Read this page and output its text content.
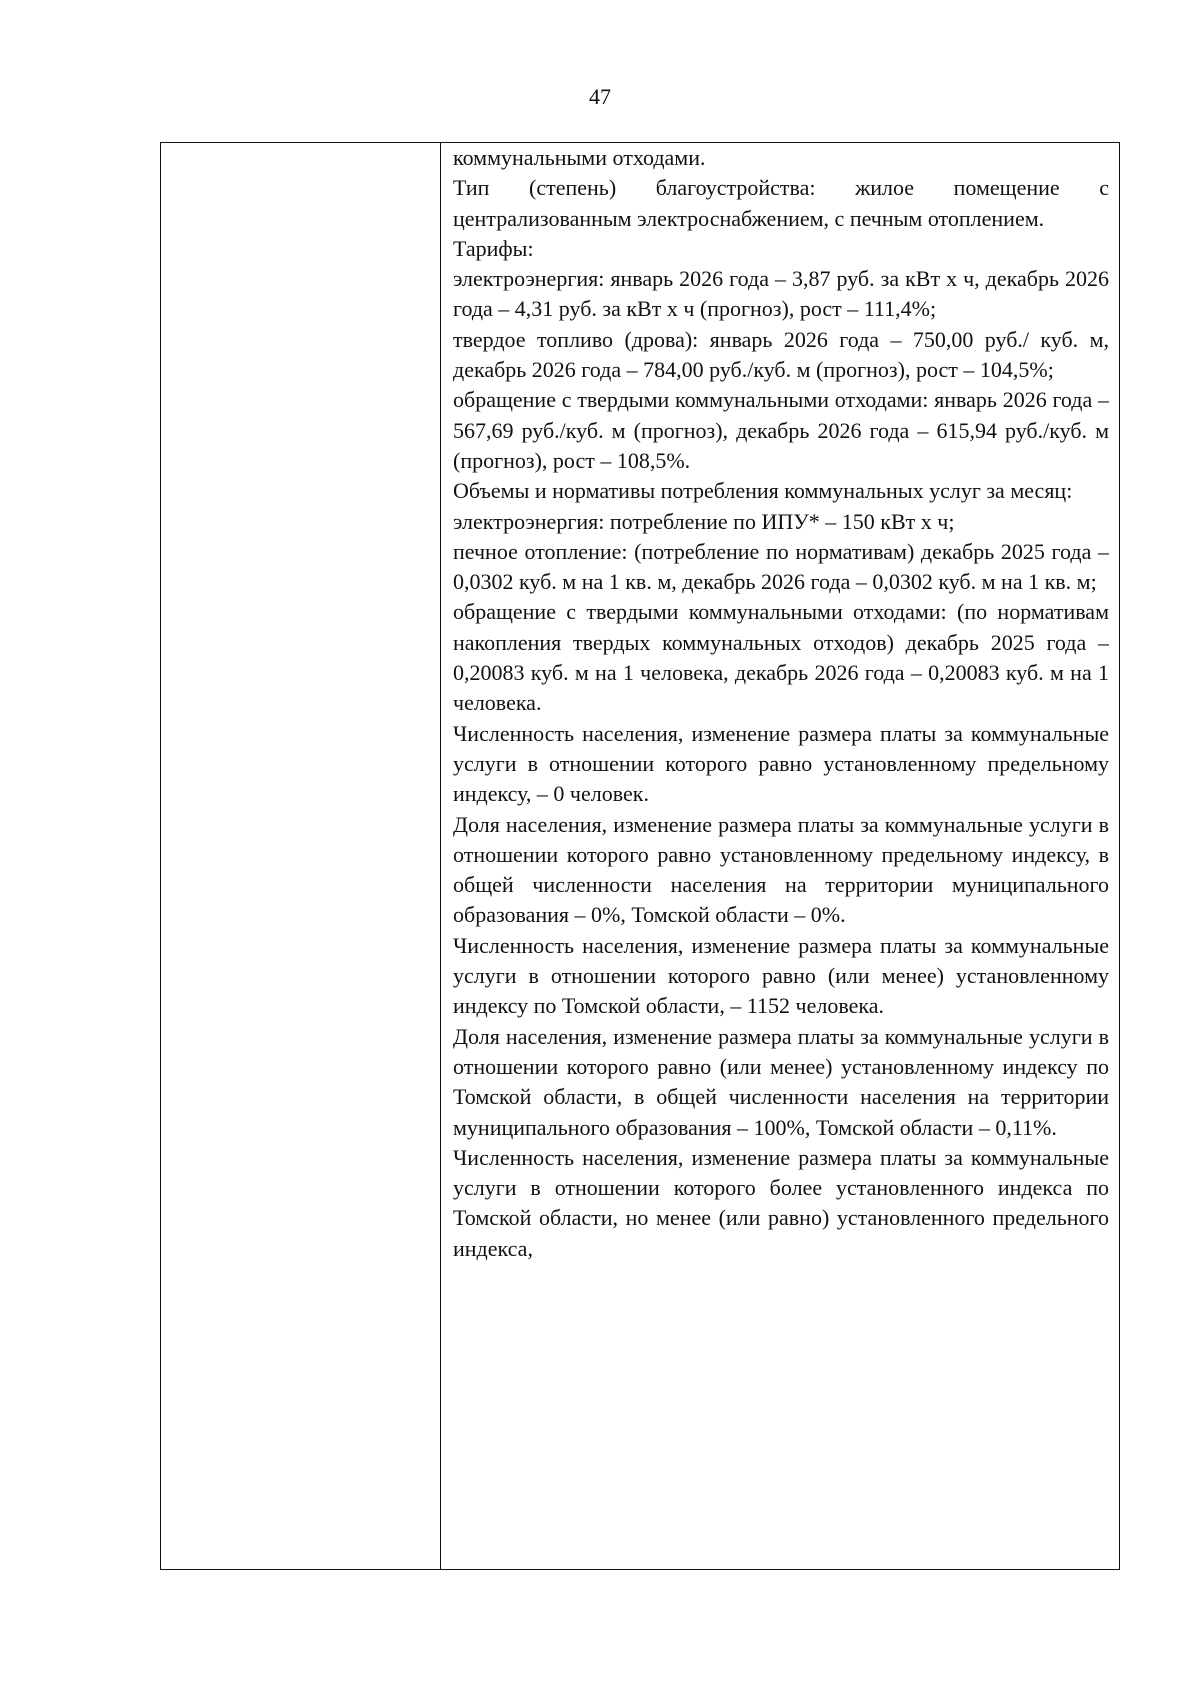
47

коммунальными отходами.

Тип (степень) благоустройства: жилое помещение с централизованным электроснабжением, с печным отоплением.

Тарифы:

электроэнергия: январь 2026 года – 3,87 руб. за кВт х ч, декабрь 2026 года – 4,31 руб. за кВт х ч (прогноз), рост – 111,4%;

твердое топливо (дрова): январь 2026 года – 750,00 руб./ куб. м, декабрь 2026 года – 784,00 руб./куб. м (прогноз), рост – 104,5%;

обращение с твердыми коммунальными отходами: январь 2026 года – 567,69 руб./куб. м (прогноз), декабрь 2026 года – 615,94 руб./куб. м (прогноз), рост – 108,5%.

Объемы и нормативы потребления коммунальных услуг за месяц:

электроэнергия: потребление по ИПУ* – 150 кВт х ч;

печное отопление: (потребление по нормативам) декабрь 2025 года – 0,0302 куб. м на 1 кв. м, декабрь 2026 года – 0,0302 куб. м на 1 кв. м;

обращение с твердыми коммунальными отходами: (по нормативам накопления твердых коммунальных отходов) декабрь 2025 года – 0,20083 куб. м на 1 человека, декабрь 2026 года – 0,20083 куб. м на 1 человека.

Численность населения, изменение размера платы за коммунальные услуги в отношении которого равно установленному предельному индексу, – 0 человек.

Доля населения, изменение размера платы за коммунальные услуги в отношении которого равно установленному предельному индексу, в общей численности населения на территории муниципального образования – 0%, Томской области – 0%.

Численность населения, изменение размера платы за коммунальные услуги в отношении которого равно (или менее) установленному индексу по Томской области, – 1152 человека.

Доля населения, изменение размера платы за коммунальные услуги в отношении которого равно (или менее) установленному индексу по Томской области, в общей численности населения на территории муниципального образования – 100%, Томской области – 0,11%.

Численность населения, изменение размера платы за коммунальные услуги в отношении которого более установленного индекса по Томской области, но менее (или равно) установленного предельного индекса,
